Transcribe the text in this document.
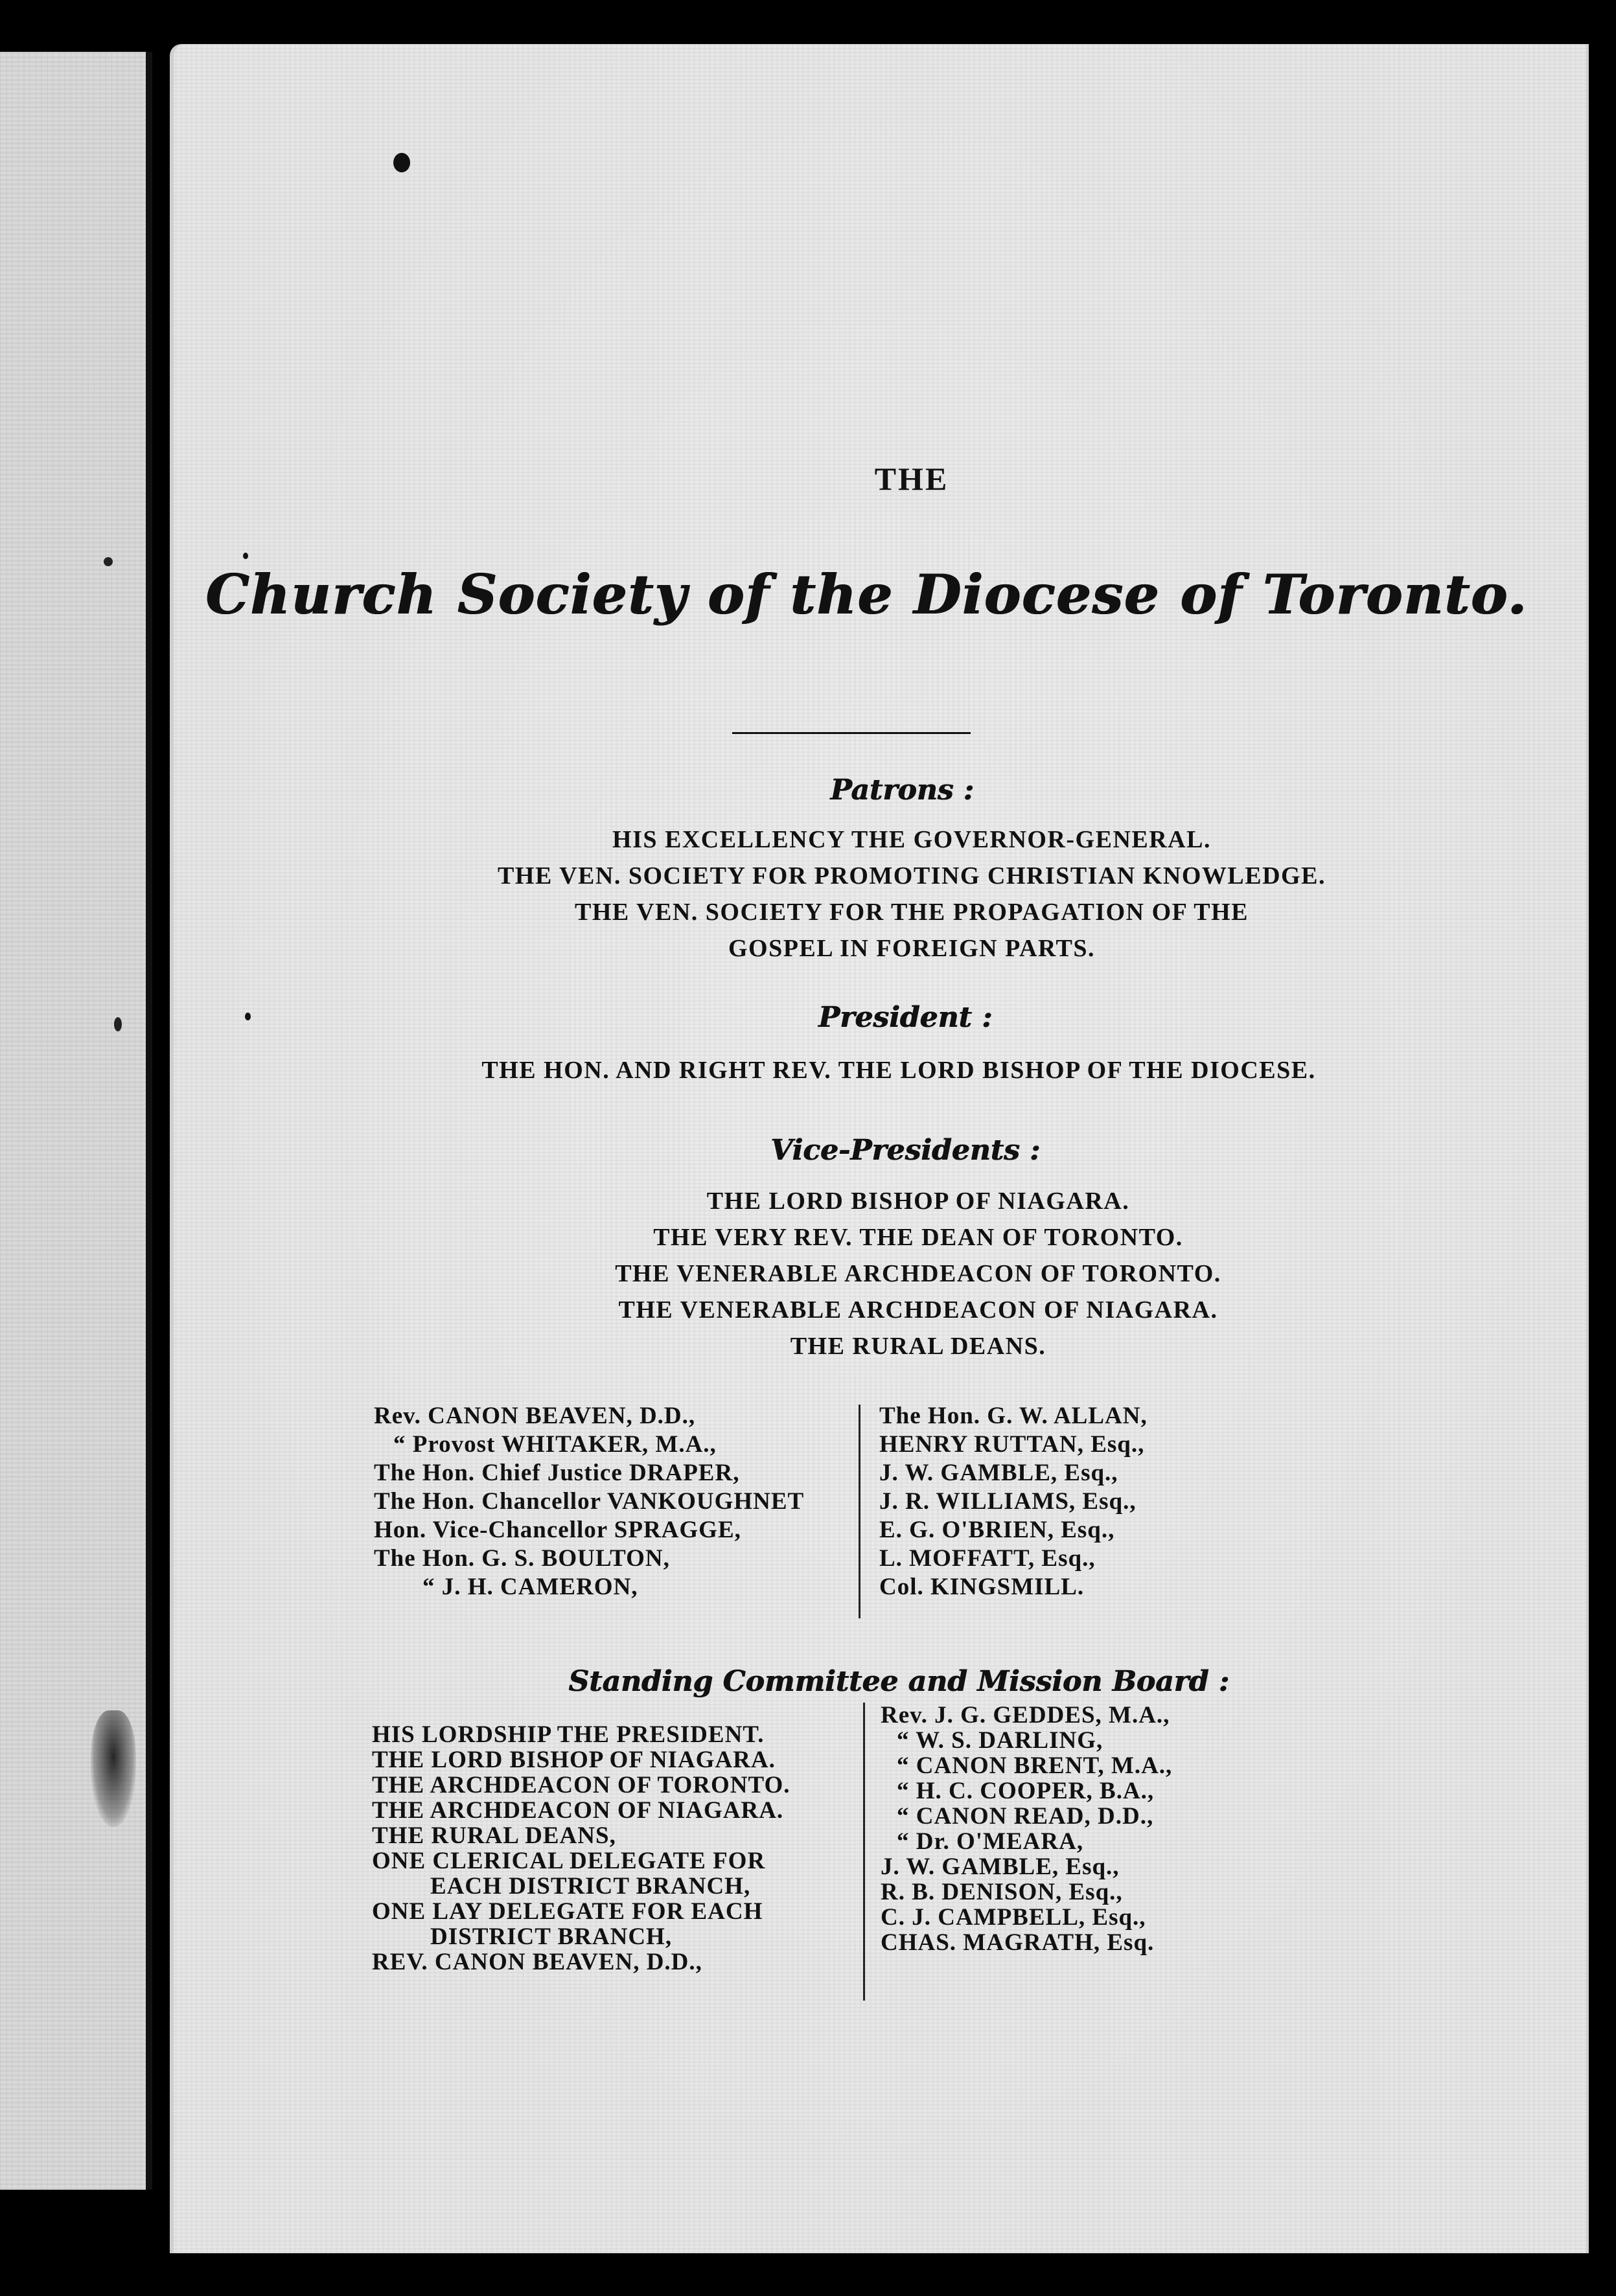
THE
Church Society of the Diocese of Toronto.
Patrons :
HIS EXCELLENCY THE GOVERNOR-GENERAL.
THE VEN. SOCIETY FOR PROMOTING CHRISTIAN KNOWLEDGE.
THE VEN. SOCIETY FOR THE PROPAGATION OF THE
GOSPEL IN FOREIGN PARTS.
President :
THE HON. AND RIGHT REV. THE LORD BISHOP OF THE DIOCESE.
Vice-Presidents :
THE LORD BISHOP OF NIAGARA.
THE VERY REV. THE DEAN OF TORONTO.
THE VENERABLE ARCHDEACON OF TORONTO.
THE VENERABLE ARCHDEACON OF NIAGARA.
THE RURAL DEANS.
Rev. CANON BEAVEN, D.D.,
“ Provost WHITAKER, M.A.,
The Hon. Chief Justice DRAPER,
The Hon. Chancellor VANKOUGHNET
Hon. Vice-Chancellor SPRAGGE,
The Hon. G. S. BOULTON,
“ J. H. CAMERON,
The Hon. G. W. ALLAN,
HENRY RUTTAN, Esq.,
J. W. GAMBLE, Esq.,
J. R. WILLIAMS, Esq.,
E. G. O'BRIEN, Esq.,
L. MOFFATT, Esq.,
Col. KINGSMILL.
Standing Committee and Mission Board :
HIS LORDSHIP THE PRESIDENT.
THE LORD BISHOP OF NIAGARA.
THE ARCHDEACON OF TORONTO.
THE ARCHDEACON OF NIAGARA.
THE RURAL DEANS,
ONE CLERICAL DELEGATE FOR
EACH DISTRICT BRANCH,
ONE LAY DELEGATE FOR EACH
DISTRICT BRANCH,
REV. CANON BEAVEN, D.D.,
Rev. J. G. GEDDES, M.A.,
“ W. S. DARLING,
“ CANON BRENT, M.A.,
“ H. C. COOPER, B.A.,
“ CANON READ, D.D.,
“ Dr. O'MEARA,
J. W. GAMBLE, Esq.,
R. B. DENISON, Esq.,
C. J. CAMPBELL, Esq.,
CHAS. MAGRATH, Esq.
